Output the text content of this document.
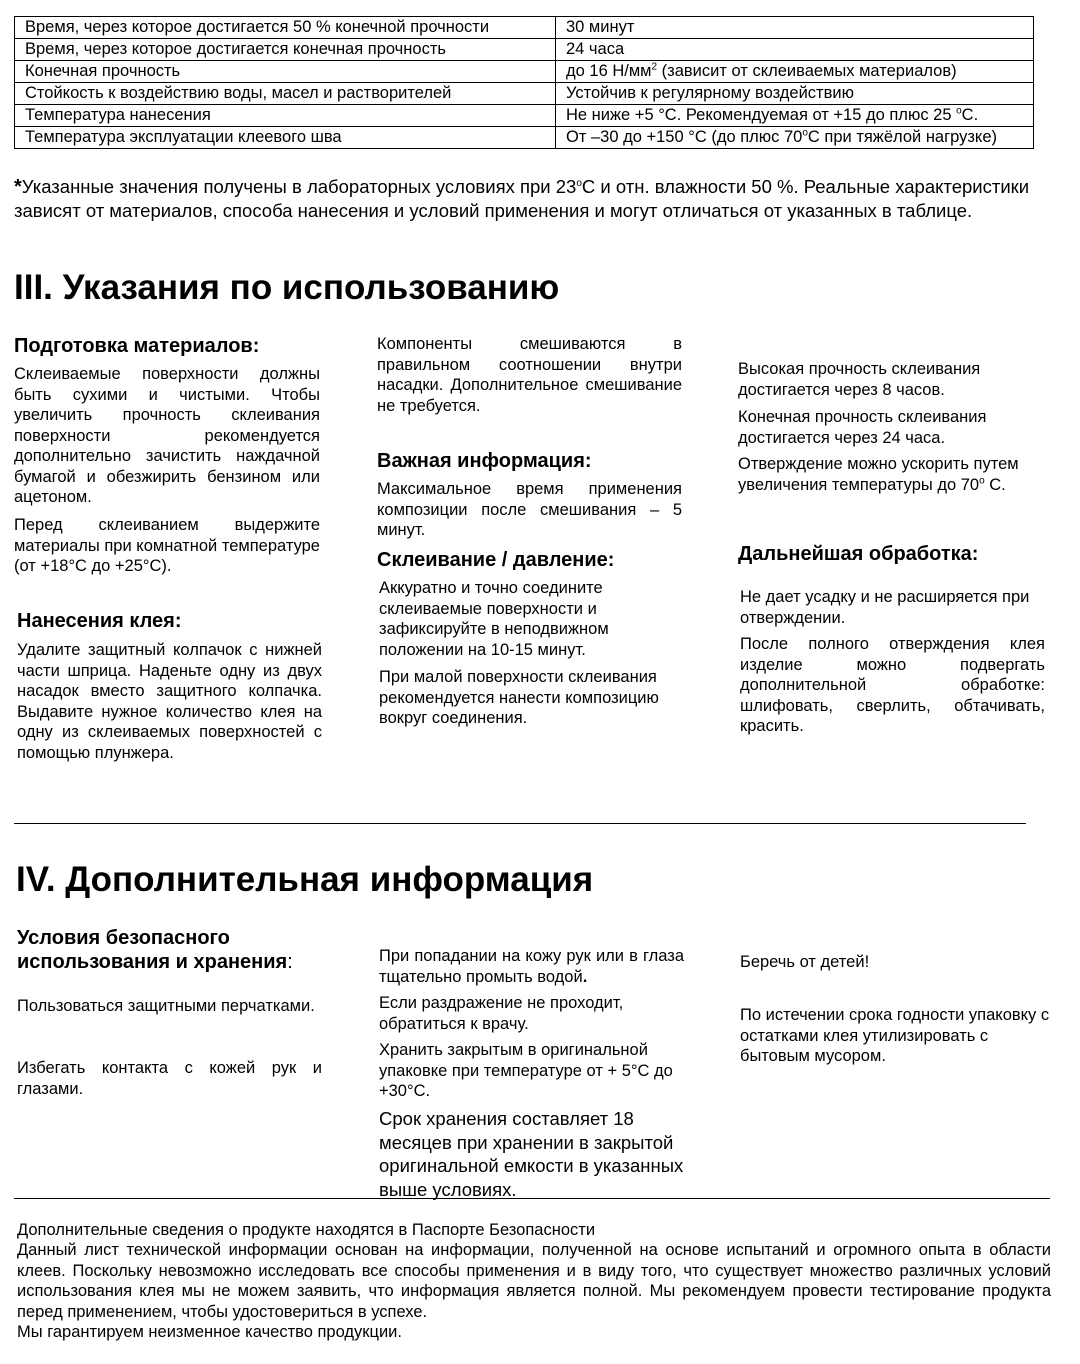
Время, через которое достигается 50 % конечной прочности	30 минут
Время, через которое достигается конечная прочность	24 часа
Конечная прочность	до 16 $Н/мм^2$ (зависит от склеиваемых материалов)
Стойкость к воздействию воды, масел и растворителей	Устойчив к регулярному воздействию
Температура нанесения	Не ниже +5 °С. Рекомендуемая от +15 до плюс 25 $^о$С.
Температура эксплуатации клеевого шва	От –30 до +150 °С (до плюс $70^оС$ при тяжёлой нагрузке)
*Указанные значения получены в лабораторных условиях при $23^оС$ и отн. влажности 50 %. Реальные характеристики зависят от материалов, способа нанесения и условий применения и могут отличаться от указанных в таблице.
III. Указания по использованию
Подготовка материалов:
Склеиваемые поверхности должны быть сухими и чистыми. Чтобы увеличить прочность склеивания поверхности рекомендуется дополнительно зачистить наждачной бумагой и обезжирить бензином или ацетоном.
Перед склеиванием выдержите материалы при комнатной температуре (от +18°С до +25°С).
Нанесения клея:
Удалите защитный колпачок с нижней части шприца. Наденьте одну из двух насадок вместо защитного колпачка. Выдавите нужное количество клея на одну из склеиваемых поверхностей с помощью плунжера.
Компоненты смешиваются в правильном соотношении внутри насадки. Дополнительное смешивание не требуется.
Важная информация:
Максимальное время применения композиции после смешивания – 5 минут.
Склеивание / давление:
Аккуратно и точно соедините склеиваемые поверхности и зафиксируйте в неподвижном положении на 10-15 минут.
При малой поверхности склеивания рекомендуется нанести композицию вокруг соединения.
Высокая прочность склеивания достигается через 8 часов.
Конечная прочность склеивания достигается через 24 часа.
Отверждение можно ускорить путем увеличения температуры до $70^о$ С.
Дальнейшая обработка:
Не дает усадку и не расширяется при отверждении.
После полного отверждения клея изделие можно подвергать дополнительной обработке: шлифовать, сверлить, обтачивать, красить.
IV. Дополнительная информация
Условия безопасного использования и хранения:
Пользоваться защитными перчатками.
Избегать контакта с кожей рук и глазами.
При попадании на кожу рук или в глаза тщательно промыть водой.
Если раздражение не проходит, обратиться к врачу.
Хранить закрытым в оригинальной упаковке при температуре от + 5°С до +30°С.
Срок хранения составляет 18 месяцев при хранении в закрытой оригинальной емкости в указанных выше условиях.
Беречь от детей!
По истечении срока годности упаковку с остатками клея утилизировать с бытовым мусором.
Дополнительные сведения о продукте находятся в Паспорте Безопасности
Данный лист технической информации основан на информации, полученной на основе испытаний и огромного опыта в области клеев. Поскольку невозможно исследовать все способы применения и в виду того, что существует множество различных условий использования клея мы не можем заявить, что информация является полной. Мы рекомендуем провести тестирование продукта перед применением, чтобы удостовериться в успехе.
Мы гарантируем неизменное качество продукции.
